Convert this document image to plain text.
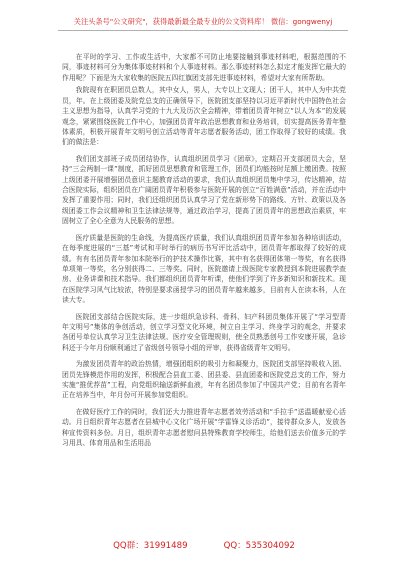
关注头条号"公文研究"，获得最新最全最专业的公文资料库！ 微信：gongwenyj

在平时的学习、工作或生活中，大家都不可防止地要接触到事迹材料吧，根据范围的不同，事迹材料可分为集体事迹材料和个人事迹材料。那么事迹材料怎么拟定才能发挥它最大的作用呢？下面是为大家收集的医院五四红旗团支部先进事迹材料，希望对大家有所帮助。

我院现有在职团员总数人，其中女人，男人，大专以上文现人；团干人，其中人为中共党员，年。在上级团委及院党总支的正确领导下，医院团支部坚持以习近平新时代中国特色社会主义思想为指导，认真学习党的十九大及历次全会精神，带着团员青年树立“以人为本”的发展观念，紧紧围绕医院工作中心，加强团员青年政治思想教育和业务培训，切实提高医务青年整体素质，积极开展青年文明号创立活动等青年志愿者服务活动，团工作取得了较好的成绩。我们的做法是：

我们团支部班子成员团结协作，认真组织团员学习《团章》，定期召开支部团员大会，坚持“三会两制一课”制度，抓好团员思想教育和管理工作，团员们均能按时足额上缴团费。按照上级团委开展增强团员意识主题教育活动的要求，我们认真组织团员集中学习，传达精神，结合医院实际，组织团员在广阔团员青年积极参与医院开展的创立“百姓满意”活动，并在活动中发挥了重要作用；同时，我们还组织团员认真学习了党在新形势下的路线、方针、政策以及各级团委工作会议精神和卫生法律法规等，通过政治学习，提高了团员青年的思想政治素质，牢固树立了全心全意为人民服务的思想。

医疗质量是医院的生命线，为提高医疗质量，我们认真组织团员青年参加各种培训活动，在每季度进展的“三基”考试和平时举行的病历书写评比活动中，团员青年都取得了较好的成绩。有有名团员青年参加本院举行的护技术操作比赛，其中有名获得团体第一等奖，有名获得单项第一等奖，名分别获得二、三等奖。同时，医院邀请上级医院专家教授到本院进展教学查房、业务讲课和技术指导。我们都组织团员青年听课，使他们学到了许多新知识和新技术。现在医院学习风气比较浓，特别是要求函授学习的团员青年越来越多，目前有人在读本科，人在读大专。

医院团支部结合医院实际，进一步组织急诊科、骨科、妇产科团员集体开展了“学习型青年文明号”集体的争创活动，创立学习型文化环境，树立自主学习、终身学习的观念，并要求各团号单位认真学习卫生法律法规、医疗安全管理规则，使全员熟悉创号工作安康开展，急诊科还于今年月份顺利通过了省级创号领导小组的评审，获得省级青年文明号。

为激发团员青年的政治热情，增强团组织的吸引力和凝聚力，医院团支部坚持吸收入团、团员先锋模范作用的发挥，积极配合县直工委、团县委、县直团委和医院党总支的工作，努力实施“推优荐苗”工程，向党组织输送新鲜血液，年有名团员参加了中国共产党；目前有名青年正在培养当中，年月份可开展参加党组织。

在做好医疗工作的同时，我们还大力推进青年志愿者效劳活动和“手拉手”送温暖献爱心活动。月日组织青年志愿者在县城中心文化广场开展“学雷锋义诊活动”，接待群众多人，发放各种宣传资料多份。月日，组织青年志愿者慰问县特殊教育学校师生，给他们送去价值多元的学习用具、体育用品和生活用品

QQ群：31991489	QQ：535304092
